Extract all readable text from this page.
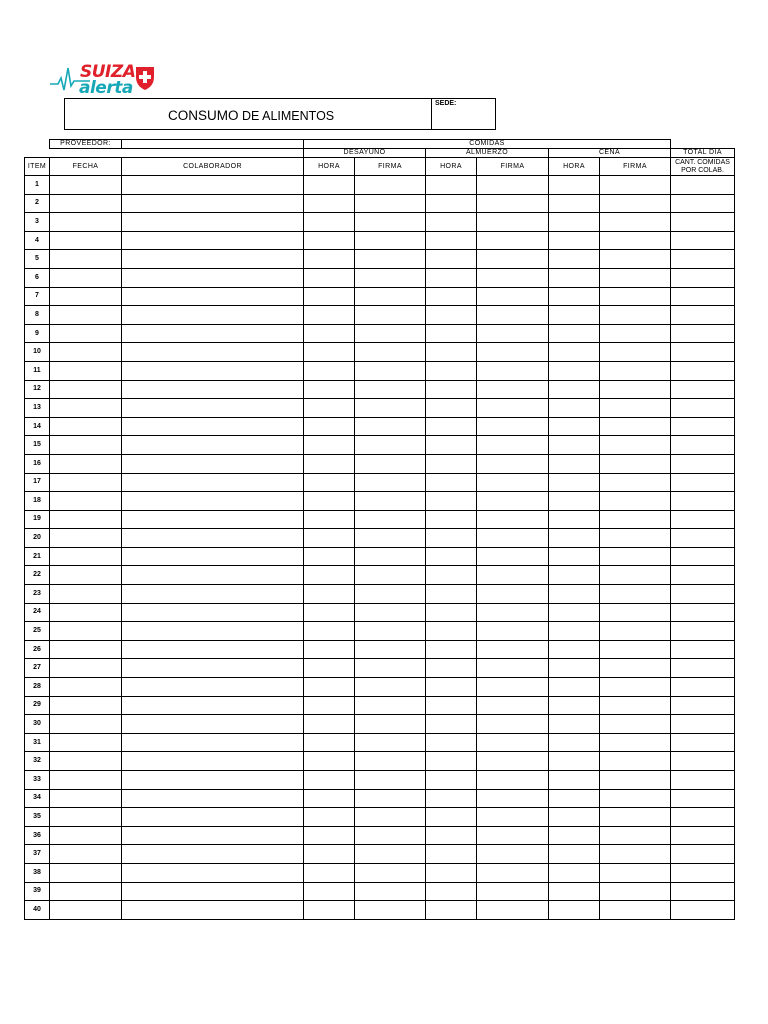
SUIZA
alerta
CONSUMO DE ALIMENTOS
SEDE:
	PROVEEDOR:		COMIDAS						
			DESAYUNO		ALMUERZO		CENA		TOTAL DIA
ITEM	FECHA	COLABORADOR	HORA	FIRMA	HORA	FIRMA	HORA	FIRMA	CANT. COMIDAS POR COLAB.
1									
2									
3									
4									
5									
6									
7									
8									
9									
10									
11									
12									
13									
14									
15									
16									
17									
18									
19									
20									
21									
22									
23									
24									
25									
26									
27									
28									
29									
30									
31									
32									
33									
34									
35									
36									
37									
38									
39									
40									
